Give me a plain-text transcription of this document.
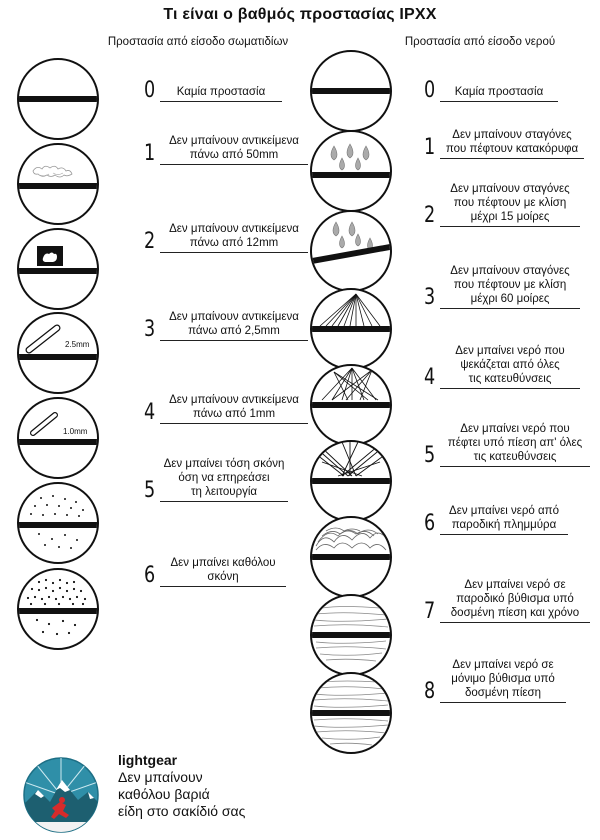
Τι είναι ο βαθμός προστασίας IPXX
Προστασία από είσοδο σωματιδίων	Προστασία από είσοδο νερού
2.5mm
1.0mm
0	Καμία προστασία
1	Δεν μπαίνουν αντικείμενα
πάνω από 50mm
2	Δεν μπαίνουν αντικείμενα
πάνω από 12mm
3	Δεν μπαίνουν αντικείμενα
πάνω από 2,5mm
4	Δεν μπαίνουν αντικείμενα
πάνω από 1mm
5
Δεν μπαίνει τόση σκόνη
όση να επηρεάσει
τη λειτουργία
6	Δεν μπαίνει καθόλου
σκόνη
0	Καμία προστασία
1	Δεν μπαίνουν σταγόνες
που πέφτουν κατακόρυφα
2
Δεν μπαίνουν σταγόνες
που πέφτουν με κλίση
μέχρι 15 μοίρες
3
Δεν μπαίνουν σταγόνες
που πέφτουν με κλίση
μέχρι 60 μοίρες
4
Δεν μπαίνει νερό που
ψεκάζεται από όλες
τις κατευθύνσεις
5
Δεν μπαίνει νερό που
πέφτει υπό πίεση απ' όλες
τις κατευθύνσεις
6	Δεν μπαίνει νερό από
παροδική πλημμύρα
7
Δεν μπαίνει νερό σε
παροδικό βύθισμα υπό
δοσμένη πίεση και χρόνο
8
Δεν μπαίνει νερό σε
μόνιμο βύθισμα υπό
δοσμένη πίεση
lightgear
Δεν μπαίνουν
καθόλου βαριά
είδη στο σακίδιό σας
